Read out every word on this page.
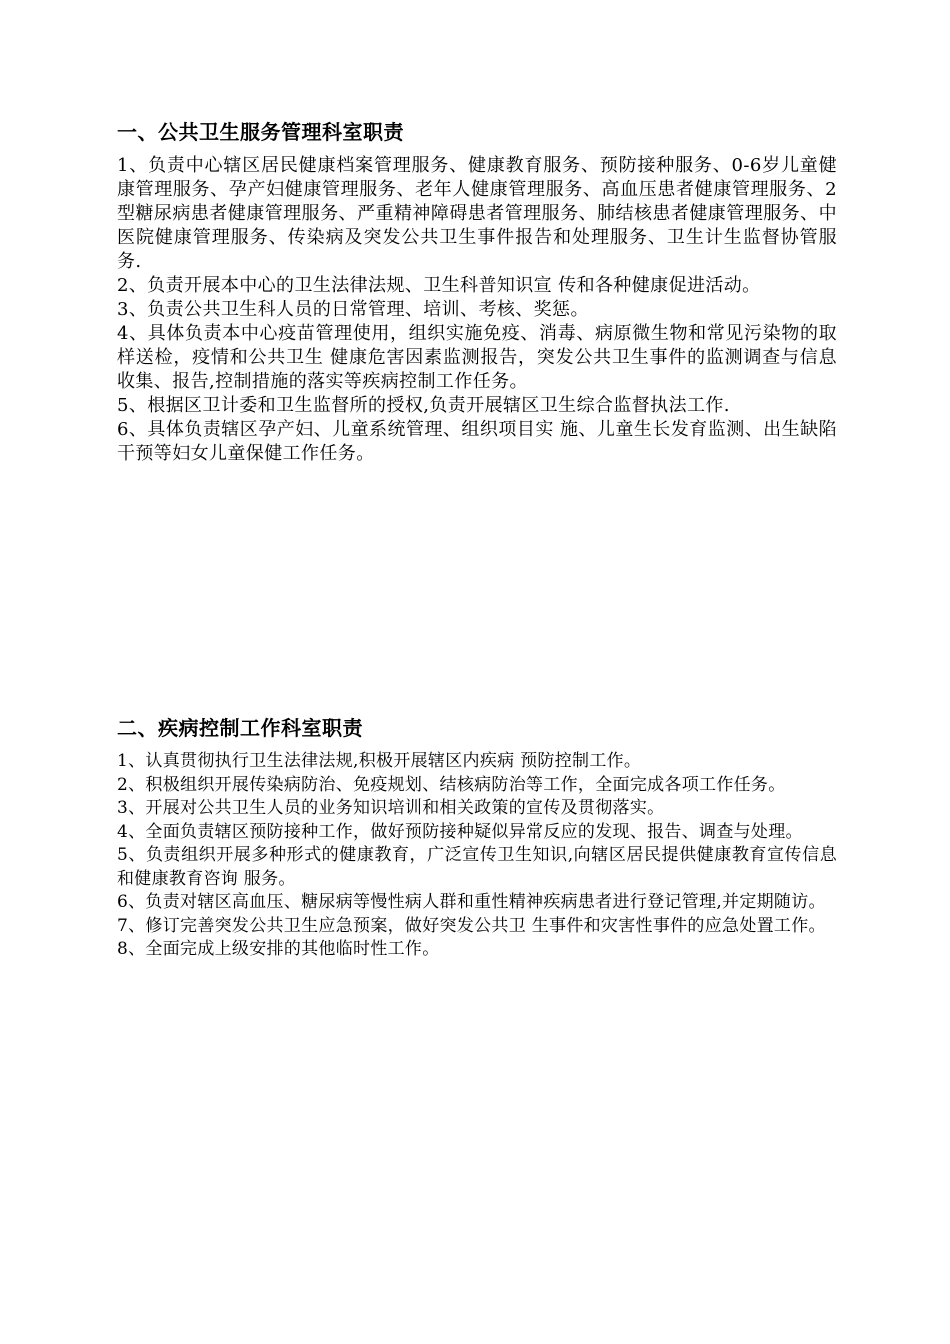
一、公共卫生服务管理科室职责

1、负责中心辖区居民健康档案管理服务、健康教育服务、预防接种服务、0-6岁儿童健康管理服务、孕产妇健康管理服务、老年人健康管理服务、高血压患者健康管理服务、2型糖尿病患者健康管理服务、严重精神障碍患者管理服务、肺结核患者健康管理服务、中医院健康管理服务、传染病及突发公共卫生事件报告和处理服务、卫生计生监督协管服务.

2、负责开展本中心的卫生法律法规、卫生科普知识宣 传和各种健康促进活动。

3、负责公共卫生科人员的日常管理、培训、考核、奖惩。

4、具体负责本中心疫苗管理使用，组织实施免疫、消毒、病原微生物和常见污染物的取样送检，疫情和公共卫生 健康危害因素监测报告，突发公共卫生事件的监测调查与信息收集、报告,控制措施的落实等疾病控制工作任务。

5、根据区卫计委和卫生监督所的授权,负责开展辖区卫生综合监督执法工作.

6、具体负责辖区孕产妇、儿童系统管理、组织项目实 施、儿童生长发育监测、出生缺陷干预等妇女儿童保健工作任务。

二、疾病控制工作科室职责

1、认真贯彻执行卫生法律法规,积极开展辖区内疾病 预防控制工作。

2、积极组织开展传染病防治、免疫规划、结核病防治等工作，全面完成各项工作任务。

3、开展对公共卫生人员的业务知识培训和相关政策的宣传及贯彻落实。

4、全面负责辖区预防接种工作，做好预防接种疑似异常反应的发现、报告、调查与处理。

5、负责组织开展多种形式的健康教育，广泛宣传卫生知识,向辖区居民提供健康教育宣传信息和健康教育咨询 服务。

6、负责对辖区高血压、糖尿病等慢性病人群和重性精神疾病患者进行登记管理,并定期随访。

7、修订完善突发公共卫生应急预案，做好突发公共卫 生事件和灾害性事件的应急处置工作。

8、全面完成上级安排的其他临时性工作。
